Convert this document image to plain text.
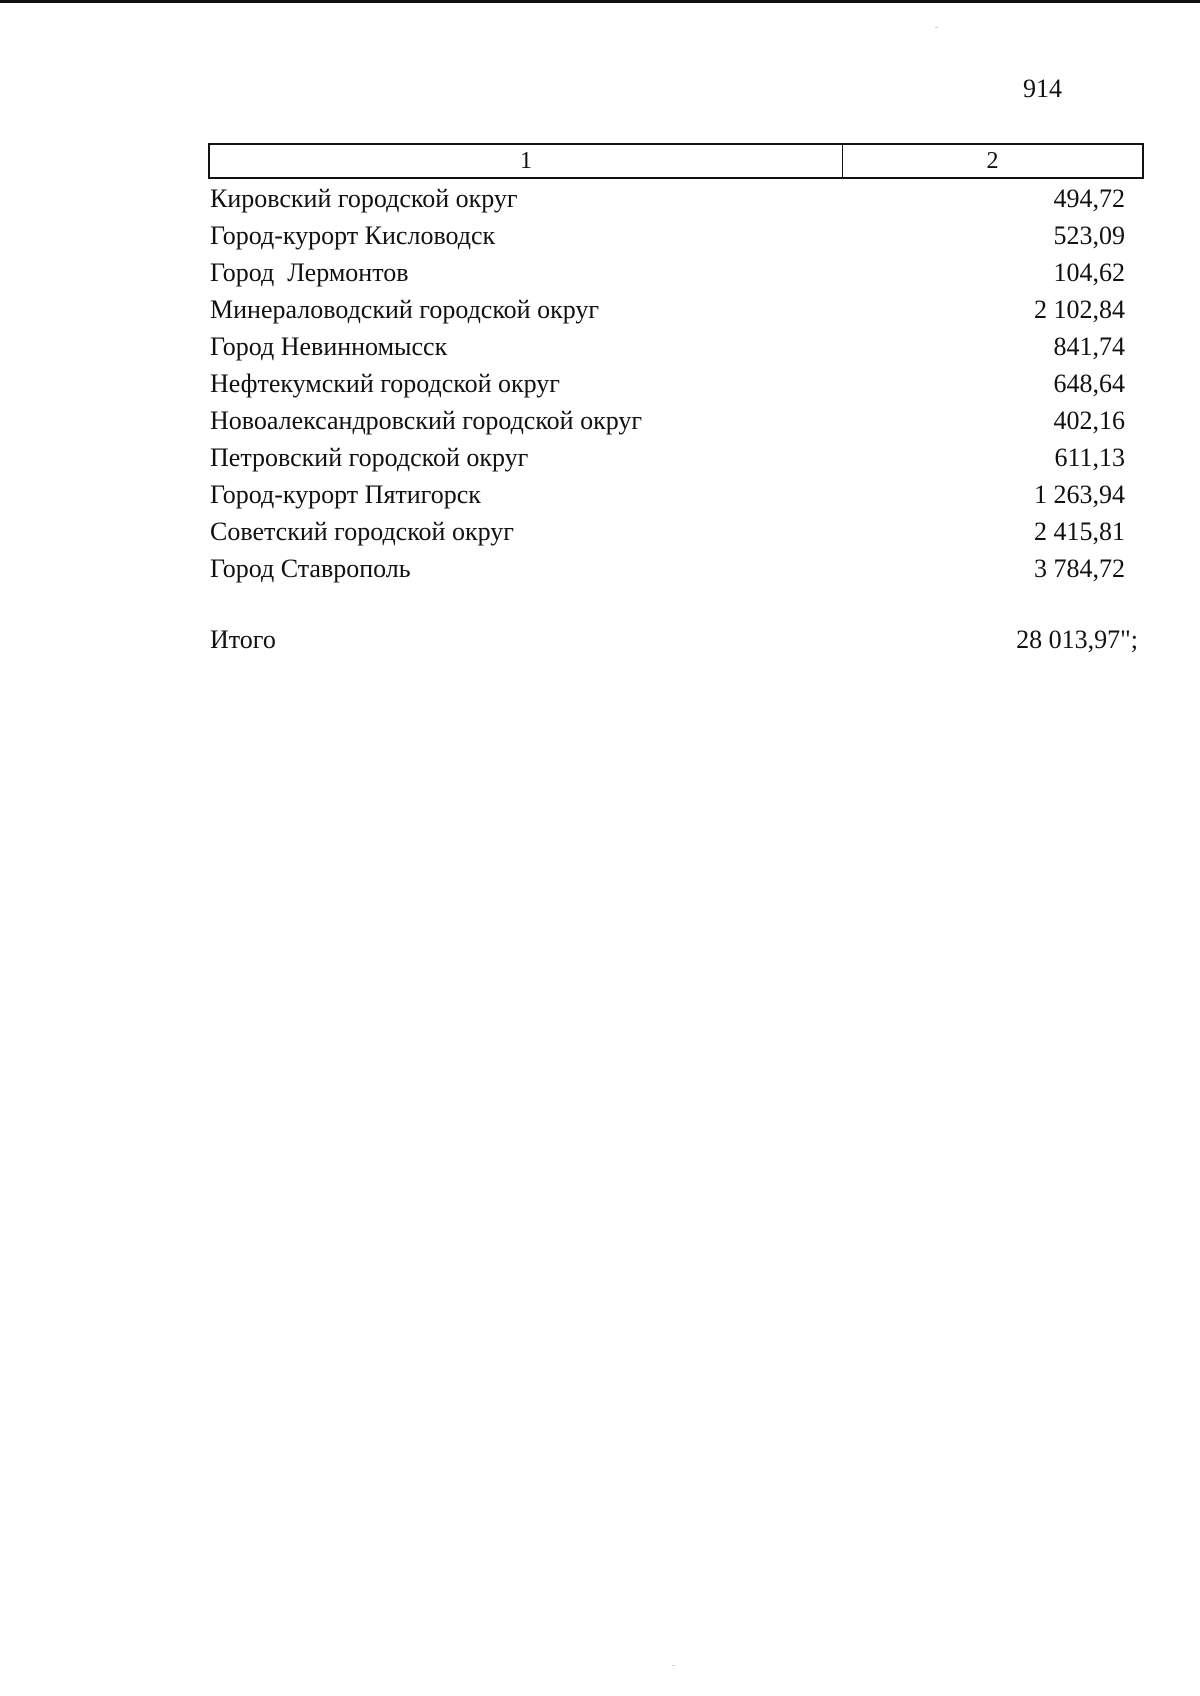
914
1	2
Кировский городской округ	494,72
Город-курорт Кисловодск	523,09
Город  Лермонтов	104,62
Минераловодский городской округ	2 102,84
Город Невинномысск	841,74
Нефтекумский городской округ	648,64
Новоалександровский городской округ	402,16
Петровский городской округ	611,13
Город-курорт Пятигорск	1 263,94
Советский городской округ	2 415,81
Город Ставрополь	3 784,72
Итого	28 013,97";
